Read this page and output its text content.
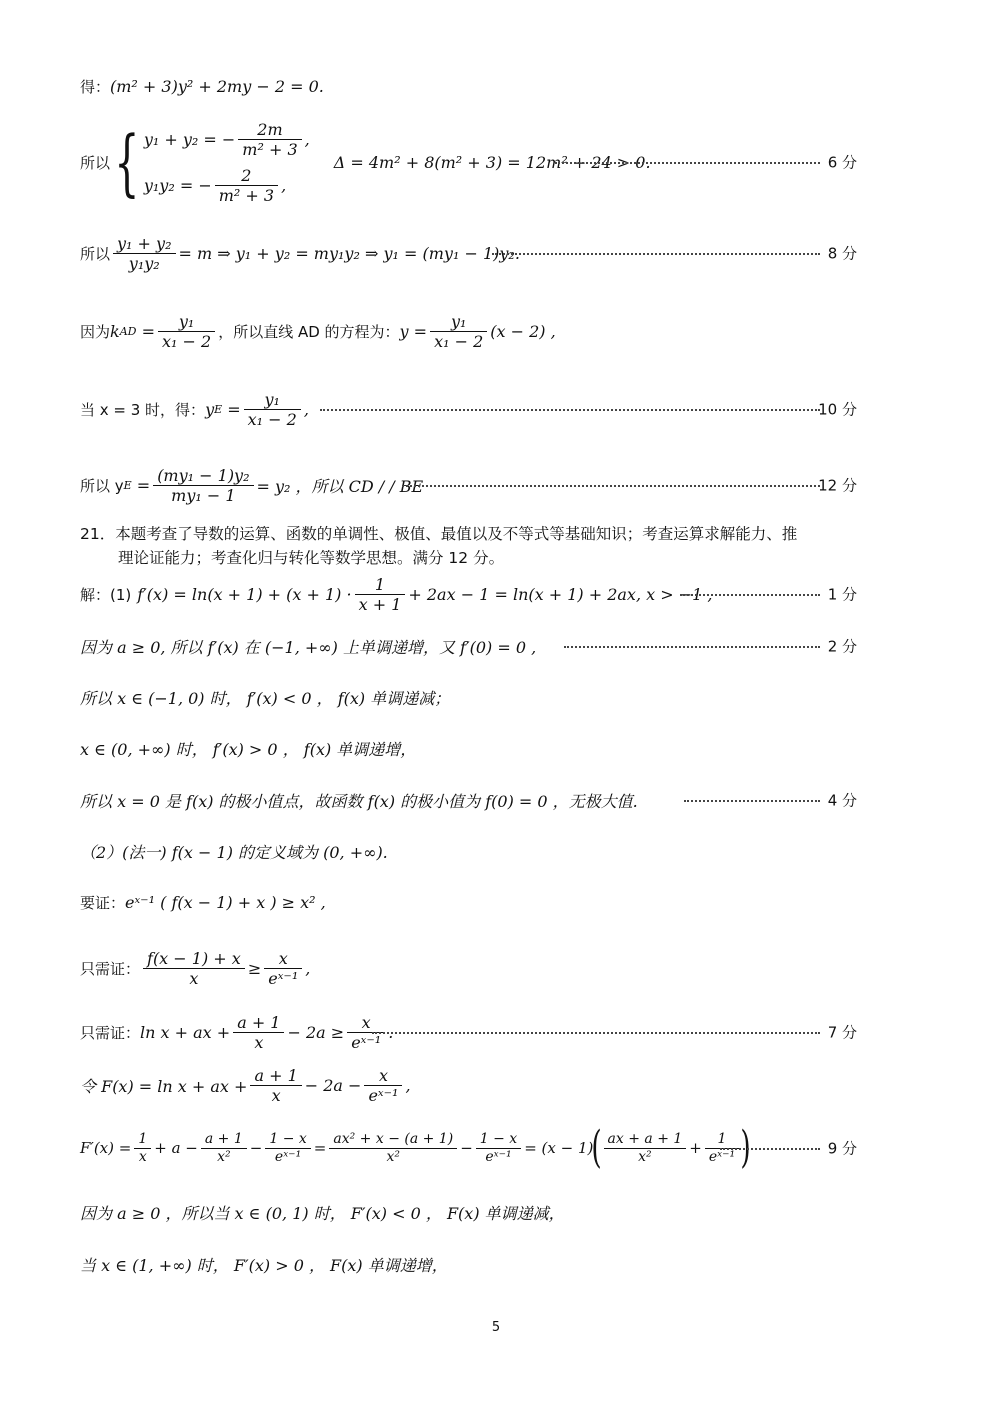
得： (m² + 3)y² + 2my − 2 = 0.
所以 { y₁ + y₂ = − $\frac{2m}{\text{m² + 3}}$ ,
y₁y₂ = − $\frac{2}{\text{m² + 3}}$ ,
Δ = 4m² + 8(m² + 3) = 12m² + 24 > 0.	6 分
所以 $\frac{\text{y₁ + y₂}}{\text{y₁y₂}} = m$ ⇒ y₁ + y₂ = my₁y₂ ⇒ y₁ = (my₁ − 1)y₂.	8 分
因为 k AD = $\frac{\text{y₁}}{\text{x₁ − 2}}$ ，所以直线 AD 的方程为： $y = \frac{\text{y₁}}{\text{x₁ − 2}} (x - 2)$ ,
当 x = 3 时，得： y $E = \frac{\text{y₁}}{\text{x₁ − 2}}$ ,	10 分
所以 y $E = \frac{\text{(my₁ − 1)y₂}}{\text{my₁ − 1}} = y_2$ ，所以 CD / / BE	12 分
21．本题考查了导数的运算、函数的单调性、极值、最值以及不等式等基础知识；考查运算求解能力、推
理论证能力；考查化归与转化等数学思想。满分 12 分。
解：(1) $f'(x) = \ln(x + 1) + (x + 1) \cdot \frac{1}{x + 1} + 2ax - 1 = \ln(x + 1) + 2ax$, x > −1 ,	1 分
因为 a ≥ 0, 所以 f′(x) 在 (−1, +∞) 上单调递增，又 f′(0) = 0 ,	2 分
所以 x ∈ (−1, 0) 时， f′(x) < 0 ， f(x) 单调递减；
x ∈ (0, +∞) 时， f′(x) > 0 ， f(x) 单调递增，
所以 x = 0 是 f(x) 的极小值点，故函数 f(x) 的极小值为 f(0) = 0 ，无极大值.	4 分
（2）(法一) f(x − 1) 的定义域为 (0, +∞).
要证： eˣ⁻¹ ( f(x − 1) + x ) ≥ x² ,
只需证： $\frac{f(x - 1) + x}{x} \ge \frac{x}{\text{eˣ⁻¹}}$ ,
只需证： ln x + ax + $\frac{a + 1}{x} - 2a \ge \frac{x}{\text{eˣ⁻¹}}$ .	7 分
令 F(x) = ln x + ax + $\frac{a + 1}{x} - 2a - \frac{x}{\text{eˣ⁻¹}}$ ,
$F'(x) = \frac{1}{x} + a - \frac{a + 1}{\text{x²}} - \frac{1 - x}{\text{eˣ⁻¹}} = \frac{\text{ax² + x − (a + 1)}}{\text{x²}} - \frac{1 - x}{\text{eˣ⁻¹}} = (x - 1)$
( $\frac{ax + a + 1}{\text{x²}} + \frac{1}{\text{eˣ⁻¹}}$ )	9 分
因为 a ≥ 0 ，所以当 x ∈ (0, 1) 时， F′(x) < 0 ， F(x) 单调递减，
当 x ∈ (1, +∞) 时， F′(x) > 0 ， F(x) 单调递增，
5
